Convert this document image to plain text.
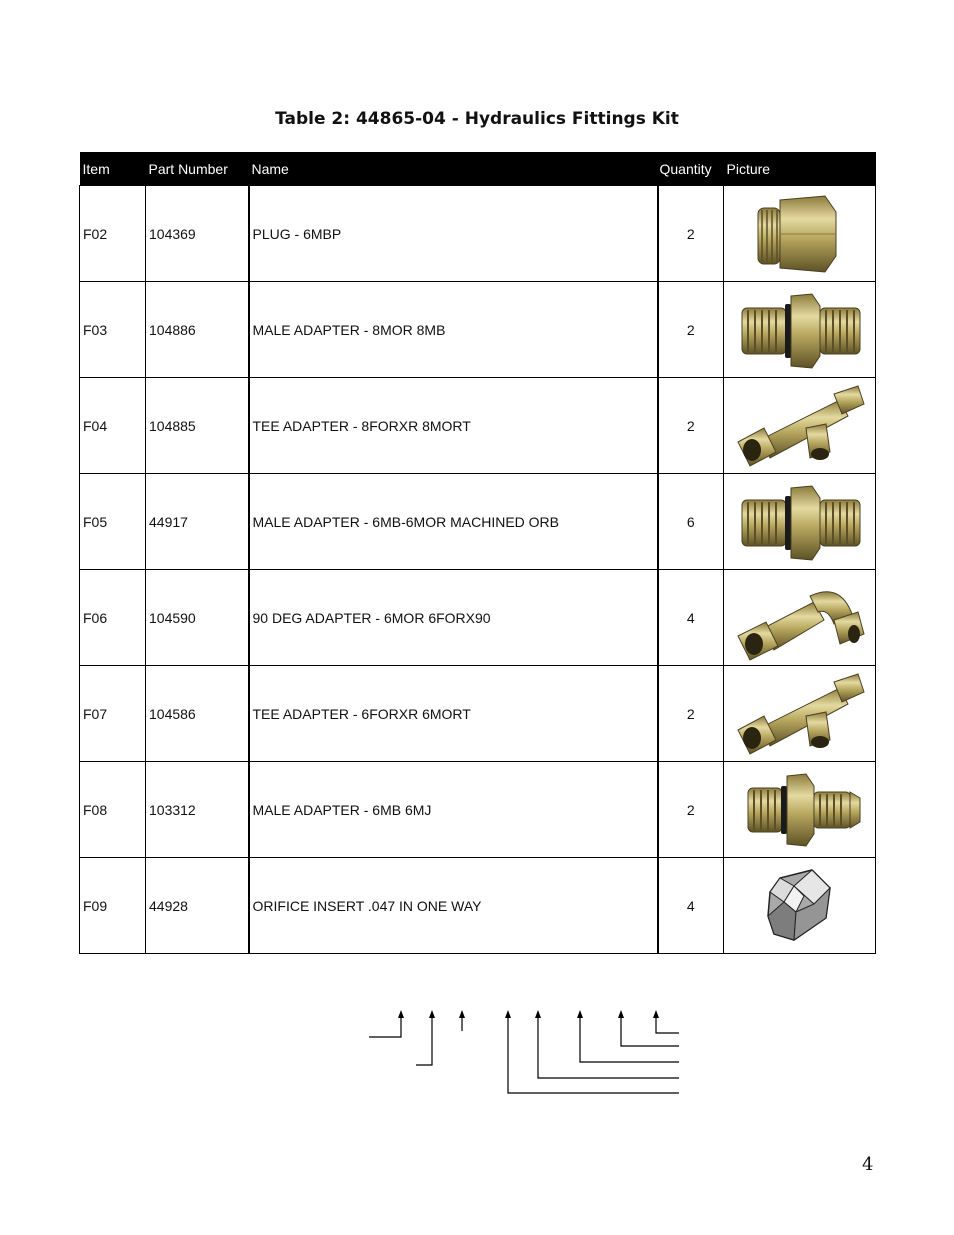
Table 2: 44865-04 - Hydraulics Fittings Kit
Item	Part Number	Name	Quantity	Picture
F02	104369	PLUG - 6MBP	2	

F03	104886	MALE ADAPTER - 8MOR 8MB	2	

F04	104885	TEE ADAPTER - 8FORXR 8MORT	2	

F05	44917	MALE ADAPTER - 6MB-6MOR MACHINED ORB	6	

F06	104590	90 DEG ADAPTER - 6MOR 6FORX90	4	

F07	104586	TEE ADAPTER - 6FORXR 6MORT	2	

F08	103312	MALE ADAPTER - 6MB 6MJ	2	

F09	44928	ORIFICE INSERT .047 IN ONE WAY	4	
4
